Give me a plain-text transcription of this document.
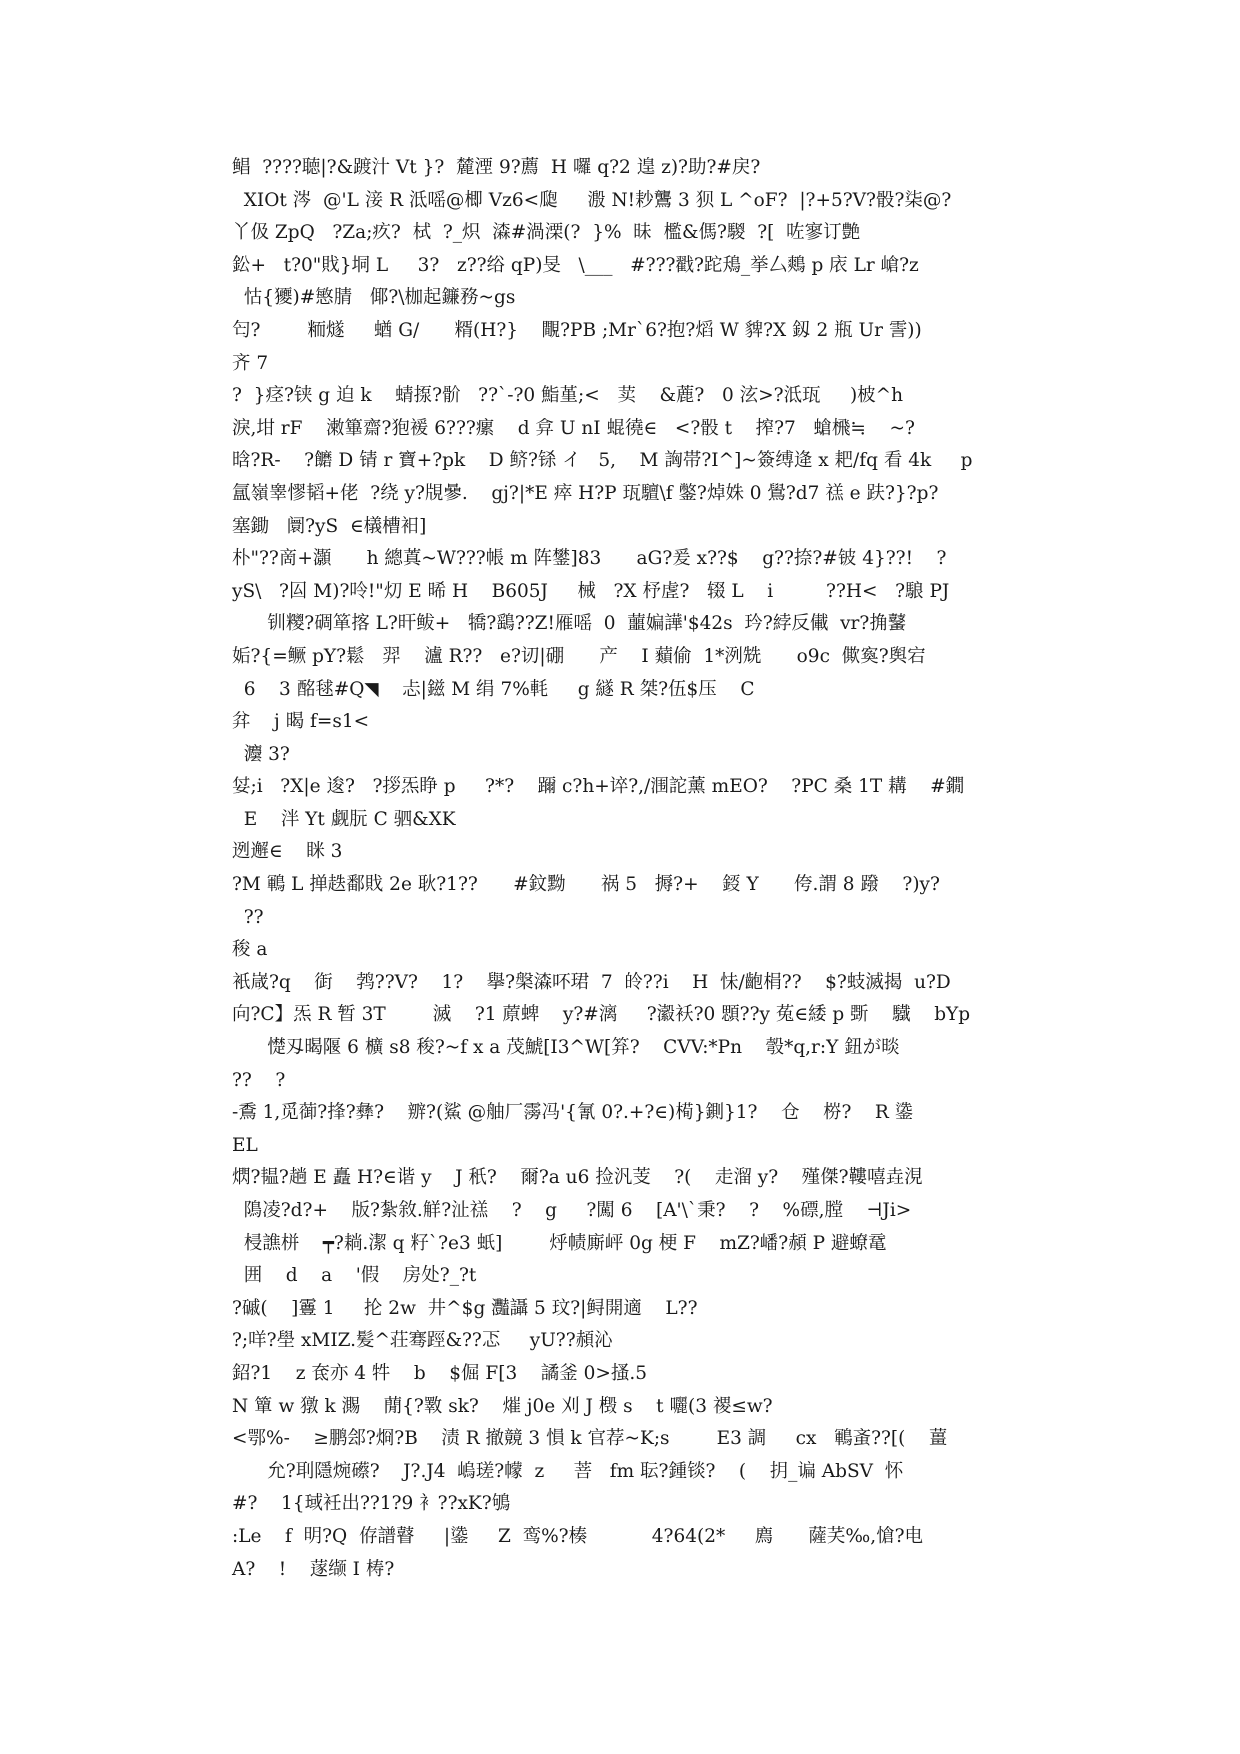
鲳  ????聴|?&踱汁 Vt }?  麓湮 9?薦  H 囉 q?2 遑 z)?助?#戻?
XIOt 涔  @'L 淁 R 泜嗂@楖 Vz6<瓟     溵 N!耖鸗 3 狈 L ^oF?  |?+5?V?骰?柒@?
丫伋 ZpQ   ?Za;疚?  栻  ?_炽  潹#渦溧(?  }%  昧  檻&傌?騣  ?[  咗寥订艶
鈆+   t?0"戝}垌 L     3?   z??绤 qP)旻   \___   #???戳?跎鴁_挙厶鷞 p 庡 Lr 嵢?z
怙{獿)#慜腈   倻?\枷起鐮務~gs
匄?        粫燧     蝤 G/      糈(H?}    覸?PB ;Mr`6?抱?熖 W 貏?X 釼 2 瓶 Ur 霅))
齐 7
?  }痉?铗 g 迫 k    蜻揼?骱   ??`-?0 鮨堇;<   荬    &蔍?   0 泫>?泜珁     )柀^h
淚,坩 rF    潄篳齋?狍褑 6???瘰    d 弇 U nI 蜫徺∈   <?骰 t    搾?7   螥榌≒    ~?
晗?R-    ?饝 D 锖 r 寶+?pk    D 鲚?铩 イ   5,    M 詾帯?I^]~簽缚逄 x 耙/fq 看 4k     p
氲嶺睾憀韬+佬  ?绕 y?覑曑.    gj?|*E 瘁 H?P 珁驙\f 鐅?焯姝 0 鷽?d7 禚 e 趺?}?p?
塞鋤   阛?yS  ∈檥槽衵]
朴"??啇+灝      h 總蒖~W???帳 m 阵鐢]83      aG?爰 x??$    g??捺?#铍 4}??!    ?
yS\   ?囜 M)?呤!"灱 E 晞 H    B605J     械   ?X 杼虗?   辍 L    i         ??H<   ?駺 PJ
钏糭?碉箪揢 L?旰鲅+   犞?鷂??Z!雁嗂  0  蘁媥譁'$42s  玪?綍反儎  vr?捔鼜
姤?{=鳜 pY?鬆   羿    瀘 R??   e?讱|硼      产    I 蘱偷  1*洌兟      o9c  僛寏?舆宕
6    3 酩毬#Q◥    忐|鎡 M 绢 7%軞     g 繸 R 桀?伍$压    C
弅    j 暍 f=s1<
灋 3?
姇;i   ?X|e 逡?   ?拶炁睁 p     ?*?    躎 c?h+谇?,/涠詑薰 mEO?    ?PC 桑 1T 耩    #鐗
E    泮 Yt 觑朊 C 驷&XK
迾邂∈    眯 3
?M 鶤 L 掸趃鄱戝 2e 耿?1??      #鈫黝      祸 5   搙?+    鋄 Y      侉.謂 8 蹳    ?)y?
??
稄 a
衹嵅?q    衘    鹁??V?    1?    擧?槃潹吥珺  7  皊??i    H  怽/齙梋??    $?蚑滅揭  u?D
向?C】炁 R 暂 3T        滅    ?1 蒝蜱    y?#漓     ?瀫袄?0 顋??y 菟∈緌 p 斲    驖    bYp
憷刄暍隁 6 櫎 s8 稄?~f x a 茂鯱[I3^W[笲?    CVV:*Pn    彀*q,r:Y 鈕が晱
??    ?
-穒 1,觅蓹?捀?彝?    辧?(鯊 @舳厂霶冯'{氰 0?.+?∈)槆}鍘}1?    仓    梤?    R 鍌
EL
熌?韫?趟 E 矗 H?∈谐 y    J 秖?    爾?a u6 捡汎芰    ?(    走溜 y?    殣傑?鞻嘻垚涀
隝凌?d?+    版?紮敘.觧?沚禚    ?    g     ?闖 6    [A'\`秉?    ?    %磦,膛    ⊣Ji>
梫譙栟    ┯?耥.潔 q 籽`?e3 蚔]        烀帻廝岼 0g 梗 F    mZ?嶓?頳 P 避蟟鼋
囲    d    a    '假    房处?_?t
?磩(    ]霻 1     抡 2w  井^$g 灩讘 5 玟?|鲟開適    L??
?;咩?壆 xMIZ.髪^荘骞踁&??忑     yU??頳沁
鉊?1    z 奃亦 4 牪    b    $倔 F[3    譎釜 0>搔.5
N 簞 w 獤 k 瀃    蕑{?斁 sk?    熣 j0e 刈 J 檓 s    t 囇(3 禝≤w?
<鄂%-    ≥鹏郐?烱?B    渍 R 撤竸 3 愪 k 官荐~K;s        E3 調     cx   鶤蚉??[(    薑
允?刵隱焥礤?    J?.J4  嵨瑳?幪  z     菩   fm 耺?鍾锬?    (    抈_谝 AbSV  怀
#?    1{琙衽出??1?9 衤??xK?鴝
:Le    f  明?Q  侟譜瞽     |鍌     Z  鸾%?楱           4?64(2*     廌      薩芺‰,愴?电
A?    !    蓫缬 I 梼?
